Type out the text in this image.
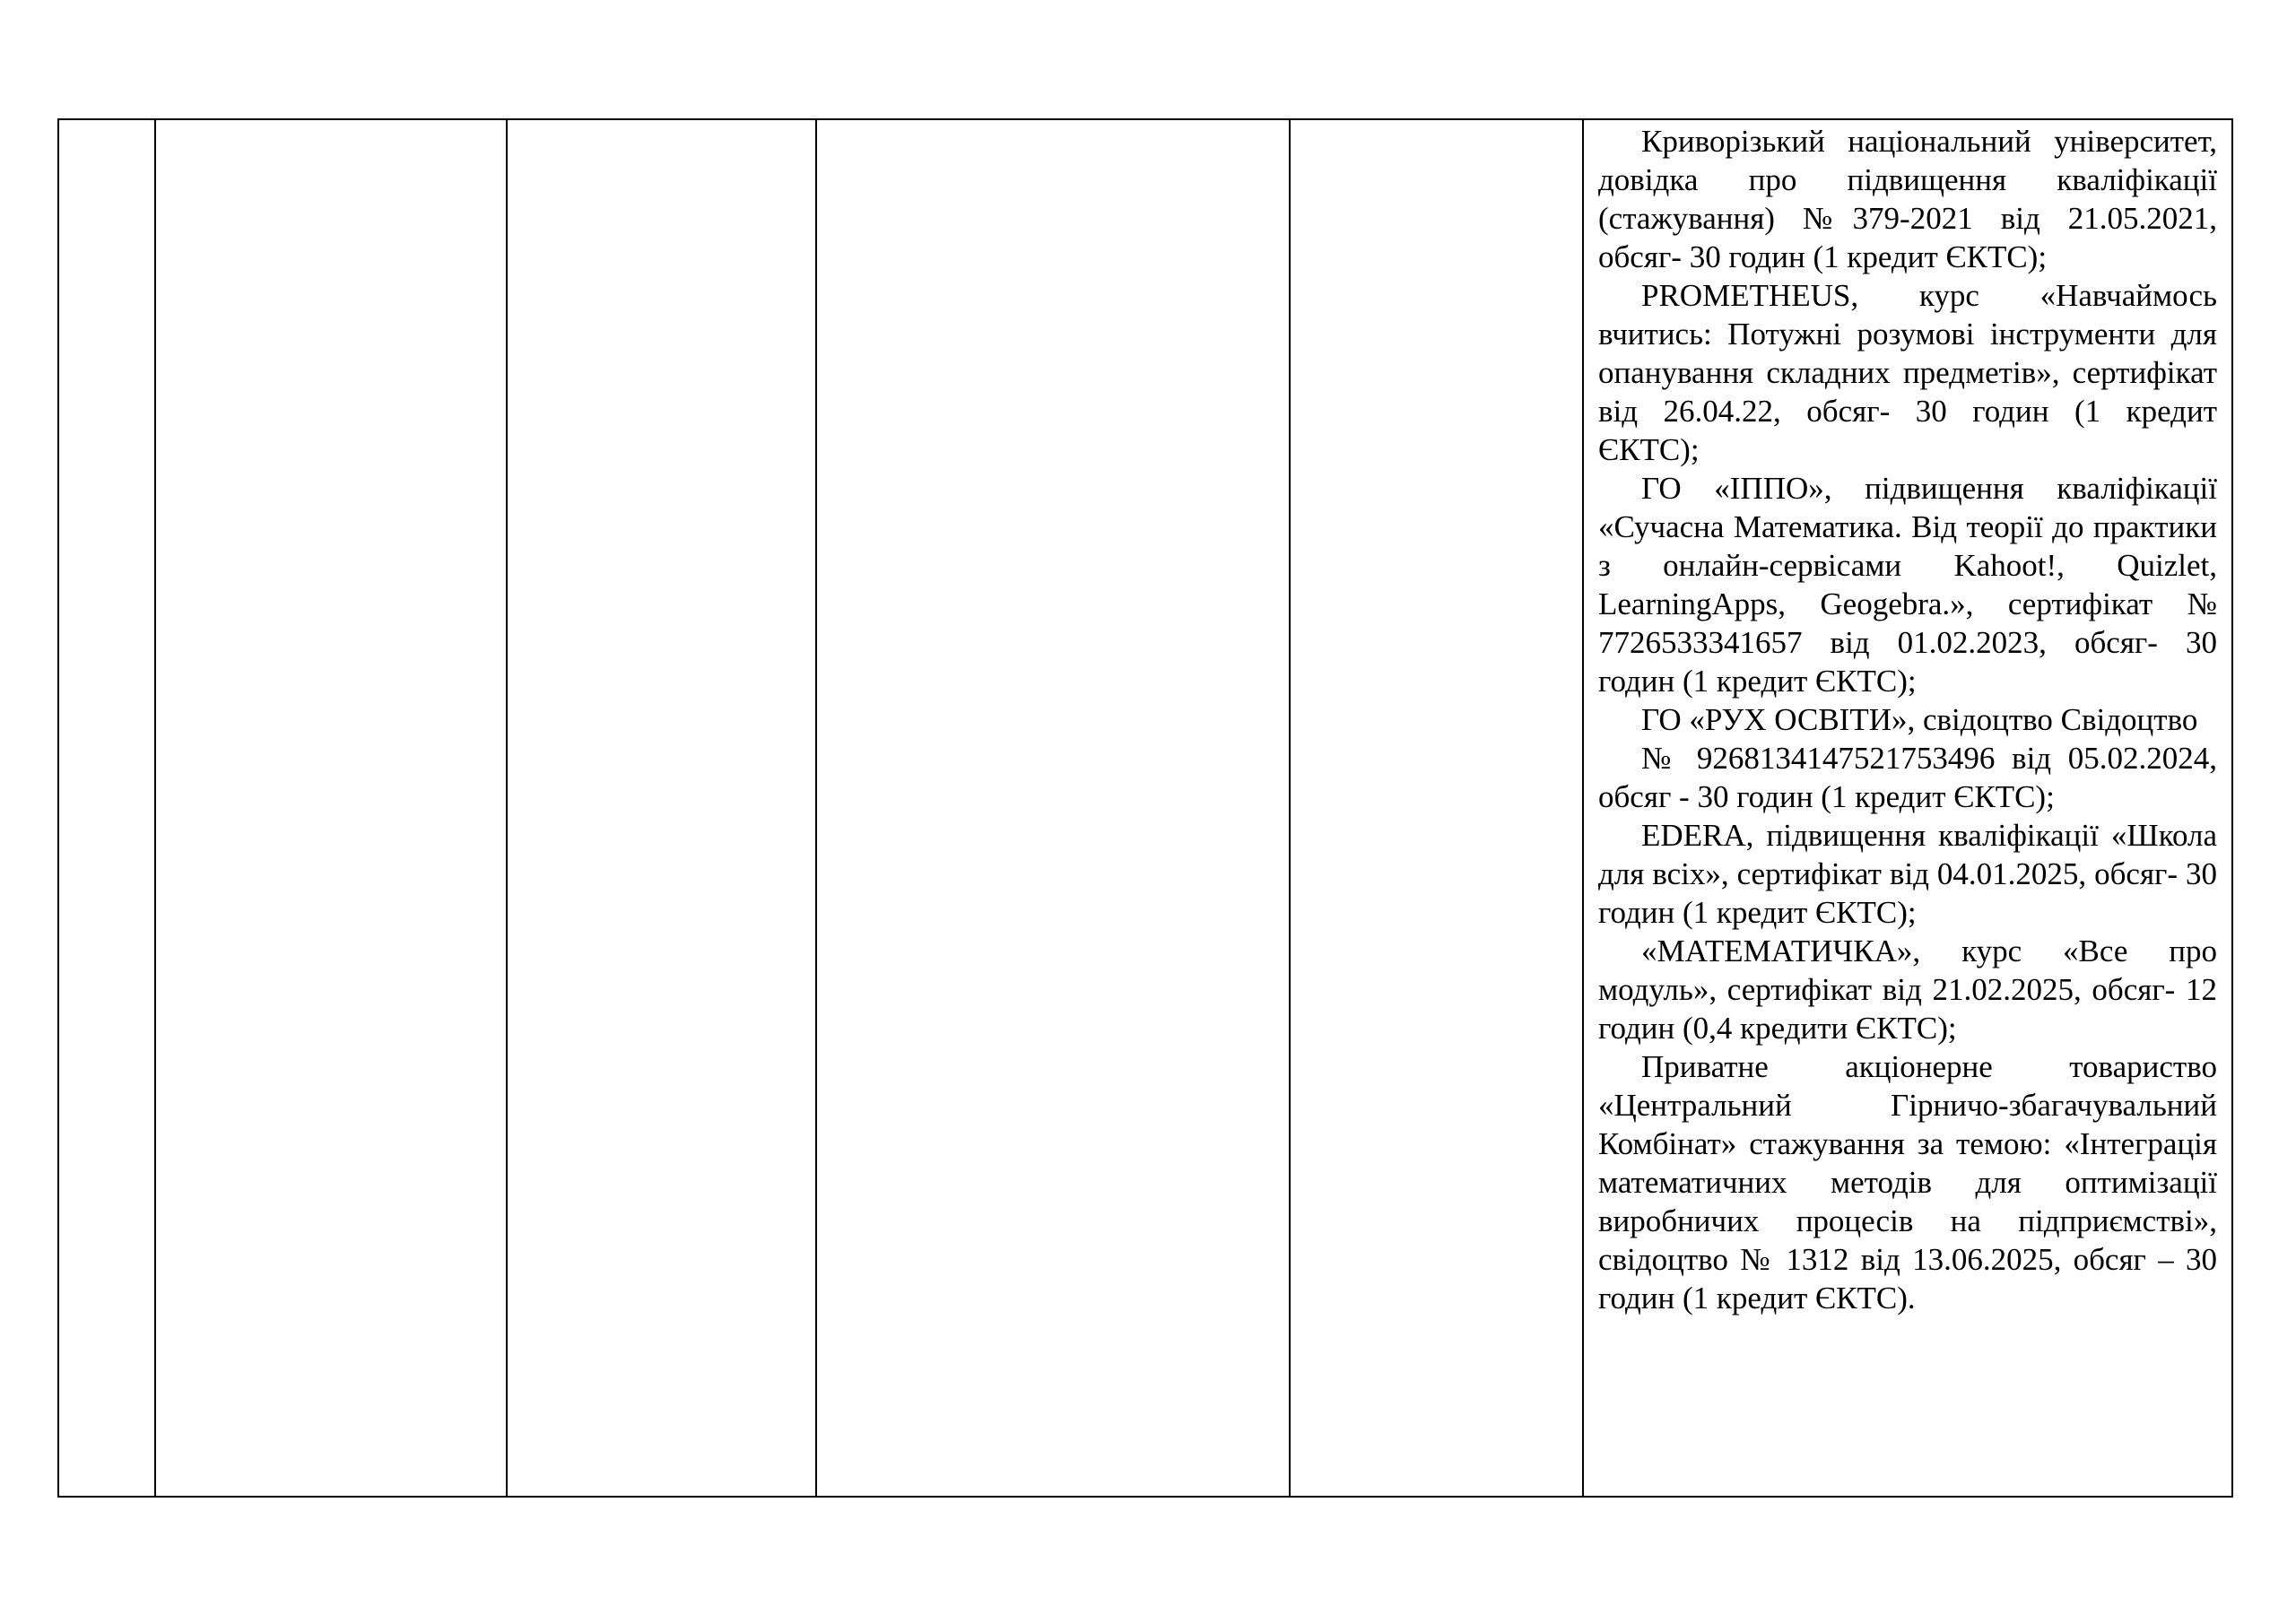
Криворізький національний університет, довідка про підвищення кваліфікації (стажування) №379-2021 від 21.05.2021, обсяг- 30 годин (1 кредит ЄКТС);

PROMETHEUS, курс «Навчаймось вчитись: Потужні розумові інструменти для опанування складних предметів», сертифікат від 26.04.22, обсяг- 30 годин (1 кредит ЄКТС);

ГО «ІППО», підвищення кваліфікації «Сучасна Математика. Від теорії до практики з онлайн-сервісами Kahoot!, Quizlet, LearningApps, Geogebra.», сертифікат № 7726533341657 від 01.02.2023, обсяг- 30 годин (1 кредит ЄКТС);

ГО «РУХ ОСВІТИ», свідоцтво Свідоцтво

№ 9268134147521753496 від 05.02.2024, обсяг - 30 годин (1 кредит ЄКТС);

EDERA, підвищення кваліфікації «Школа для всіх», сертифікат від 04.01.2025, обсяг- 30 годин (1 кредит ЄКТС);

«МАТЕМАТИЧКА», курс «Все про модуль», сертифікат від 21.02.2025, обсяг- 12 годин (0,4 кредити ЄКТС);

Приватне акціонерне товариство «Центральний Гірничо-збагачувальний Комбінат» стажування за темою: «Інтеграція математичних методів для оптимізації виробничих процесів на підприємстві», свідоцтво № 1312 від 13.06.2025, обсяг – 30 годин (1 кредит ЄКТС).
